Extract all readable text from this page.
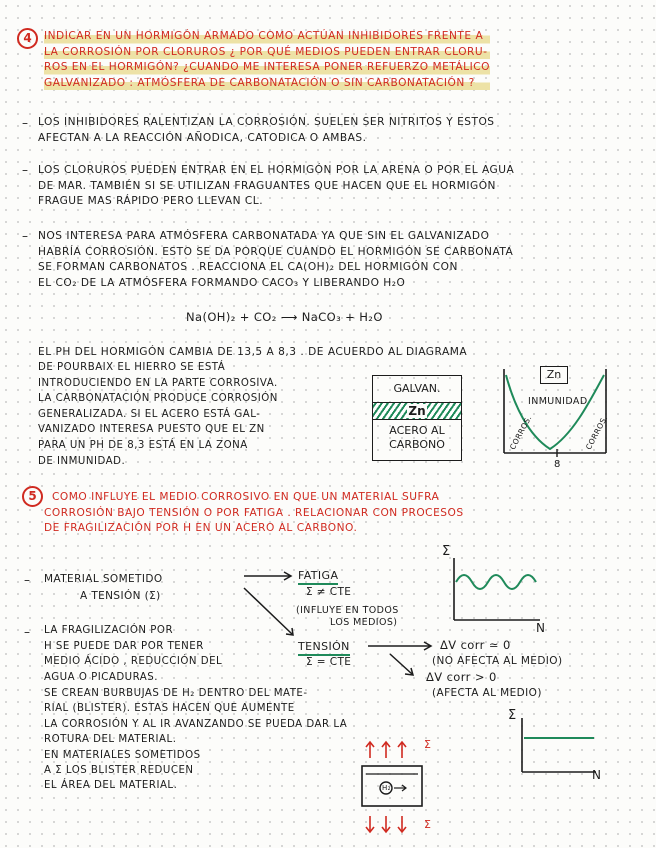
4	INDICAR EN UN HORMIGÓN ARMADO COMO ACTÚAN INHIBIDORES FRENTE A
LA CORROSIÓN POR CLORUROS ¿ POR QUÉ MEDIOS PUEDEN ENTRAR CLORU-
ROS EN EL HORMIGÓN? ¿CUANDO ME INTERESA PONER REFUERZO METÁLICO
GALVANIZADO : ATMÓSFERA DE CARBONATACIÓN O SIN CARBONATACIÓN ?
– LOS INHIBIDORES RALENTIZAN LA CORROSIÓN. SUELEN SER NITRITOS Y ESTOS
AFECTAN A LA REACCIÓN AÑODICA, CATODICA O AMBAS.
– LOS CLORUROS PUEDEN ENTRAR EN EL HORMIGÓN POR LA ARENA O POR EL AGUA
DE MAR. TAMBIÉN SI SE UTILIZAN FRAGUANTES QUE HACEN QUE EL HORMIGÓN
FRAGUE MAS RÁPIDO PERO LLEVAN CL.
– NOS INTERESA PARA ATMÓSFERA CARBONATADA YA QUE SIN EL GALVANIZADO
HABRÍA CORROSIÓN. ESTO SE DA PORQUE CUANDO EL HORMIGÓN SE CARBONATA
SE FORMAN CARBONATOS . REACCIONA EL CA(OH)₂ DEL HORMIGÓN CON
EL CO₂ DE LA ATMÓSFERA FORMANDO CACO₃ Y LIBERANDO H₂O
Na(OH)₂ + CO₂ ⟶ NaCO₃ + H₂O
EL PH DEL HORMIGÓN CAMBIA DE 13,5 A 8,3 . DE ACUERDO AL DIAGRAMA
DE POURBAIX EL HIERRO SE ESTÁ
INTRODUCIENDO EN LA PARTE CORROSIVA.
LA CARBONATACIÓN PRODUCE CORROSIÓN
GENERALIZADA. SI EL ACERO ESTÁ GAL-
VANIZADO INTERESA PUESTO QUE EL ZN
PARA UN PH DE 8,3 ESTÁ EN LA ZONA
DE INMUNIDAD.
GALVAN.
Zn
ACERO AL
CARBONO
Zn
INMUNIDAD
CORROS.	CORROS.
8
5	COMO INFLUYE EL MEDIO CORROSIVO EN QUE UN MATERIAL SUFRA
CORROSIÓN BAJO TENSIÓN O POR FATIGA . RELACIONAR CON PROCESOS
DE FRAGILIZACIÓN POR H EN UN ACERO AL CARBONO.
– MATERIAL SOMETIDO
A TENSIÓN (Σ)
FATIGA
Σ ≠ CTE
(INFLUYE EN TODOS
LOS MEDIOS)
Σ
N
TENSIÓN
Σ = CTE
ΔV corr ≃ 0
(NO AFECTA AL MEDIO)
ΔV corr > 0
(AFECTA AL MEDIO)
– LA FRAGILIZACIÓN POR
H SE PUEDE DAR POR TENER
MEDIO ÁCIDO , REDUCCIÓN DEL
AGUA O PICADURAS.
SE CREAN BURBUJAS DE H₂ DENTRO DEL MATE-
RIAL (BLISTER). ESTAS HACEN QUE AUMENTE
LA CORROSIÓN Y AL IR AVANZANDO SE PUEDA DAR LA
ROTURA DEL MATERIAL.
EN MATERIALES SOMETIDOS
A Σ LOS BLISTER REDUCEN
EL ÁREA DEL MATERIAL.
Σ
N
H₂
Σ
Σ
